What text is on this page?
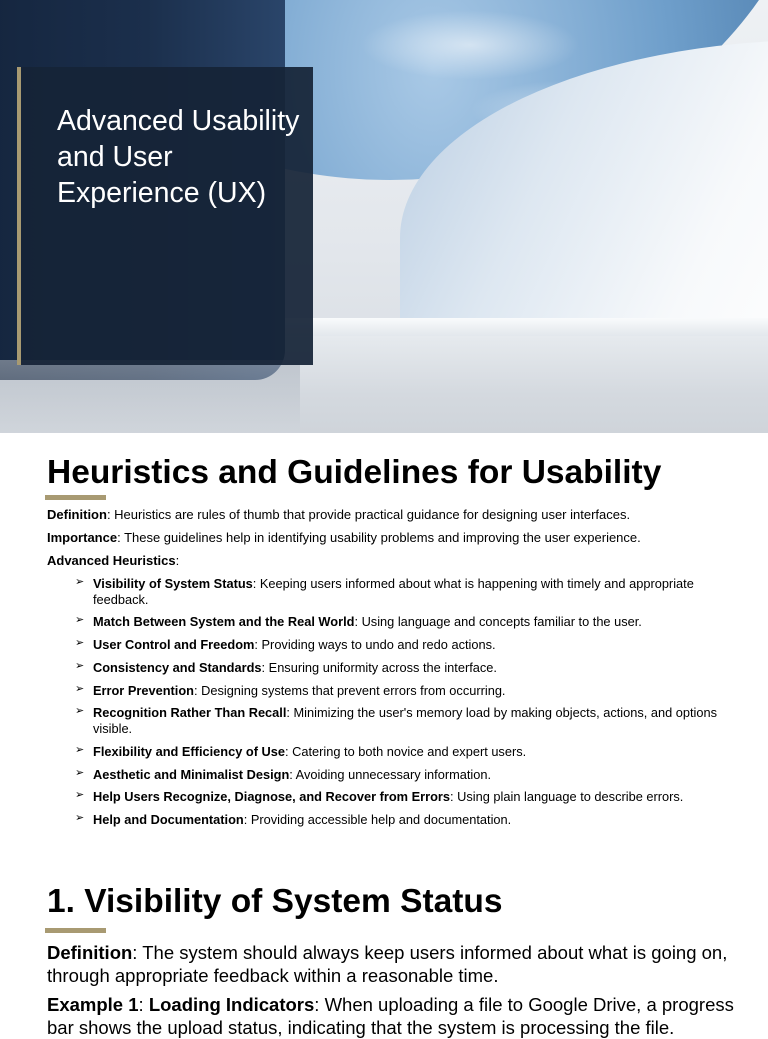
Advanced Usability and User Experience (UX)
Heuristics and Guidelines for Usability

Definition: Heuristics are rules of thumb that provide practical guidance for designing user interfaces.

Importance: These guidelines help in identifying usability problems and improving the user experience.

Advanced Heuristics:

➢ Visibility of System Status: Keeping users informed about what is happening with timely and appropriate feedback.
➢ Match Between System and the Real World: Using language and concepts familiar to the user.
➢ User Control and Freedom: Providing ways to undo and redo actions.
➢ Consistency and Standards: Ensuring uniformity across the interface.
➢ Error Prevention: Designing systems that prevent errors from occurring.
➢ Recognition Rather Than Recall: Minimizing the user's memory load by making objects, actions, and options visible.
➢ Flexibility and Efficiency of Use: Catering to both novice and expert users.
➢ Aesthetic and Minimalist Design: Avoiding unnecessary information.
➢ Help Users Recognize, Diagnose, and Recover from Errors: Using plain language to describe errors.
➢ Help and Documentation: Providing accessible help and documentation.
1. Visibility of System Status

Definition: The system should always keep users informed about what is going on, through appropriate feedback within a reasonable time.

Example 1: Loading Indicators: When uploading a file to Google Drive, a progress bar shows the upload status, indicating that the system is processing the file.
